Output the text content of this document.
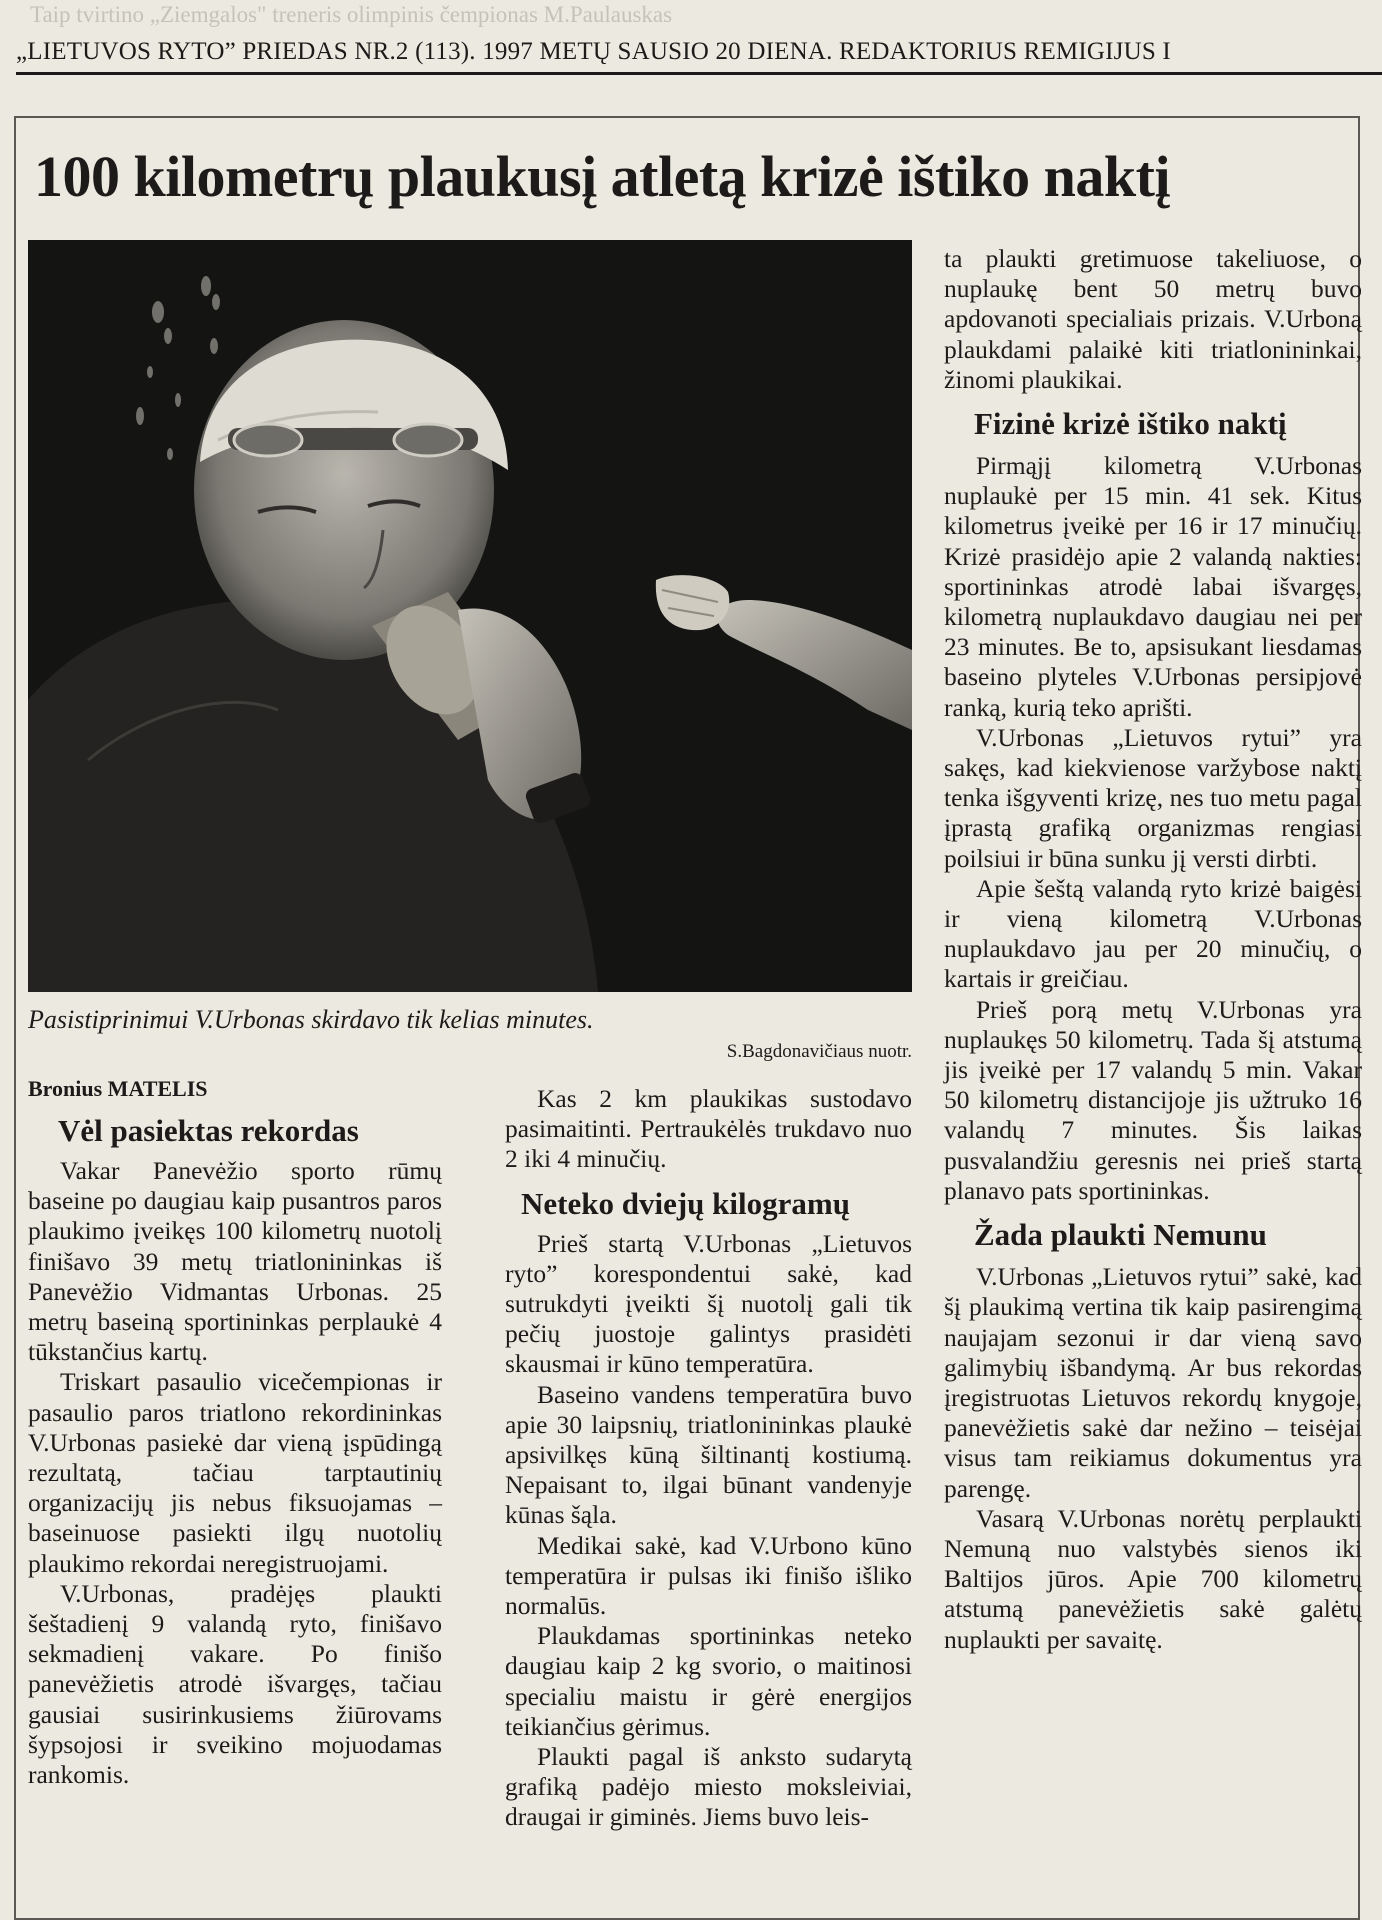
Taip tvirtino „Ziemgalos" treneris olimpinis čempionas M.Paulauskas
„LIETUVOS RYTO” PRIEDAS NR.2 (113). 1997 METŲ SAUSIO 20 DIENA. REDAKTORIUS REMIGIJUS I
100 kilometrų plaukusį atletą krizė ištiko naktį
Pasistiprinimui V.Urbonas skirdavo tik kelias minutes.
S.Bagdonavičiaus nuotr.

Bronius MATELIS

Vėl pasiektas rekordas

Vakar Panevėžio sporto rūmų baseine po daugiau kaip pusantros paros plaukimo įveikęs 100 kilometrų nuotolį finišavo 39 metų triatlonininkas iš Panevėžio Vidmantas Urbonas. 25 metrų baseiną sportininkas perplaukė 4 tūkstančius kartų.

Triskart pasaulio vicečempionas ir pasaulio paros triatlono rekordininkas V.Urbonas pasiekė dar vieną įspūdingą rezultatą, tačiau tarptautinių organizacijų jis nebus fiksuojamas – baseinuose pasiekti ilgų nuotolių plaukimo rekordai neregistruojami.

V.Urbonas, pradėjęs plaukti šeštadienį 9 valandą ryto, finišavo sekmadienį vakare. Po finišo panevėžietis atrodė išvargęs, tačiau gausiai susirinkusiems žiūrovams šypsojosi ir sveikino mojuodamas rankomis.

Kas 2 km plaukikas sustodavo pasimaitinti. Pertraukėlės trukdavo nuo 2 iki 4 minučių.

Neteko dviejų kilogramų

Prieš startą V.Urbonas „Lietuvos ryto” korespondentui sakė, kad sutrukdyti įveikti šį nuotolį gali tik pečių juostoje galintys prasidėti skausmai ir kūno temperatūra.

Baseino vandens temperatūra buvo apie 30 laipsnių, triatlonininkas plaukė apsivilkęs kūną šiltinantį kostiumą. Nepaisant to, ilgai būnant vandenyje kūnas šąla.

Medikai sakė, kad V.Urbono kūno temperatūra ir pulsas iki finišo išliko normalūs.

Plaukdamas sportininkas neteko daugiau kaip 2 kg svorio, o maitinosi specialiu maistu ir gėrė energijos teikiančius gėrimus.

Plaukti pagal iš anksto sudarytą grafiką padėjo miesto moksleiviai, draugai ir giminės. Jiems buvo leis-

ta plaukti gretimuose takeliuose, o nuplaukę bent 50 metrų buvo apdovanoti specialiais prizais. V.Urboną plaukdami palaikė kiti triatlonininkai, žinomi plaukikai.

Fizinė krizė ištiko naktį

Pirmąjį kilometrą V.Urbonas nuplaukė per 15 min. 41 sek. Kitus kilometrus įveikė per 16 ir 17 minučių. Krizė prasidėjo apie 2 valandą nakties: sportininkas atrodė labai išvargęs, kilometrą nuplaukdavo daugiau nei per 23 minutes. Be to, apsisukant liesdamas baseino plyteles V.Urbonas persipjovė ranką, kurią teko aprišti.

V.Urbonas „Lietuvos rytui” yra sakęs, kad kiekvienose varžybose naktį tenka išgyventi krizę, nes tuo metu pagal įprastą grafiką organizmas rengiasi poilsiui ir būna sunku jį versti dirbti.

Apie šeštą valandą ryto krizė baigėsi ir vieną kilometrą V.Urbonas nuplaukdavo jau per 20 minučių, o kartais ir greičiau.

Prieš porą metų V.Urbonas yra nuplaukęs 50 kilometrų. Tada šį atstumą jis įveikė per 17 valandų 5 min. Vakar 50 kilometrų distancijoje jis užtruko 16 valandų 7 minutes. Šis laikas pusvalandžiu geresnis nei prieš startą planavo pats sportininkas.

Žada plaukti Nemunu

V.Urbonas „Lietuvos rytui” sakė, kad šį plaukimą vertina tik kaip pasirengimą naujajam sezonui ir dar vieną savo galimybių išbandymą. Ar bus rekordas įregistruotas Lietuvos rekordų knygoje, panevėžietis sakė dar nežino – teisėjai visus tam reikiamus dokumentus yra parengę.

Vasarą V.Urbonas norėtų perplaukti Nemuną nuo valstybės sienos iki Baltijos jūros. Apie 700 kilometrų atstumą panevėžietis sakė galėtų nuplaukti per savaitę.
